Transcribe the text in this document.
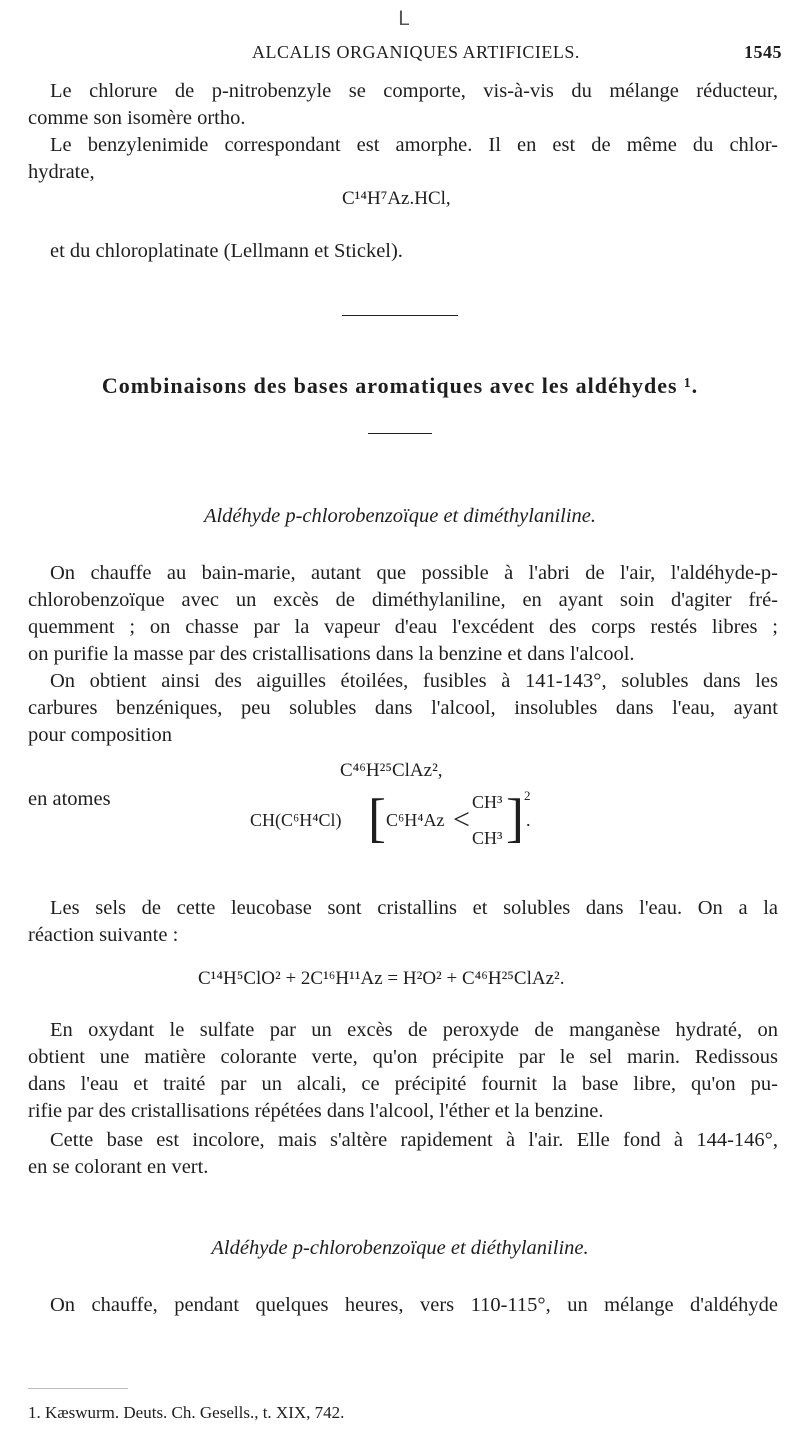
ᒪ
ALCALIS ORGANIQUES ARTIFICIELS.	1545
Le chlorure de p-nitrobenzyle se comporte, vis-à-vis du mélange réducteur,
comme son isomère ortho.
Le benzylenimide correspondant est amorphe. Il en est de même du chlor-
hydrate,
C¹⁴H⁷Az.HCl,
et du chloroplatinate (Lellmann et Stickel).
Combinaisons des bases aromatiques avec les aldéhydes ¹.
Aldéhyde p-chlorobenzoïque et diméthylaniline.
On chauffe au bain-marie, autant que possible à l'abri de l'air, l'aldéhyde-p-
chlorobenzoïque avec un excès de diméthylaniline, en ayant soin d'agiter fré-
quemment ; on chasse par la vapeur d'eau l'excédent des corps restés libres ;
on purifie la masse par des cristallisations dans la benzine et dans l'alcool.
On obtient ainsi des aiguilles étoilées, fusibles à 141-143°, solubles dans les
carbures benzéniques, peu solubles dans l'alcool, insolubles dans l'eau, ayant
pour composition
C⁴⁶H²⁵ClAz²,
en atomes
CH(C⁶H⁴Cl) [ C⁶H⁴Az <
CH³
CH³ ] 2
.
Les sels de cette leucobase sont cristallins et solubles dans l'eau. On a la
réaction suivante :
C¹⁴H⁵ClO² + 2C¹⁶H¹¹Az = H²O² + C⁴⁶H²⁵ClAz².
En oxydant le sulfate par un excès de peroxyde de manganèse hydraté, on
obtient une matière colorante verte, qu'on précipite par le sel marin. Redissous
dans l'eau et traité par un alcali, ce précipité fournit la base libre, qu'on pu-
rifie par des cristallisations répétées dans l'alcool, l'éther et la benzine.
Cette base est incolore, mais s'altère rapidement à l'air. Elle fond à 144-146°,
en se colorant en vert.
Aldéhyde p-chlorobenzoïque et diéthylaniline.
On chauffe, pendant quelques heures, vers 110-115°, un mélange d'aldéhyde
1. Kæswurm. Deuts. Ch. Gesells., t. XIX, 742.
